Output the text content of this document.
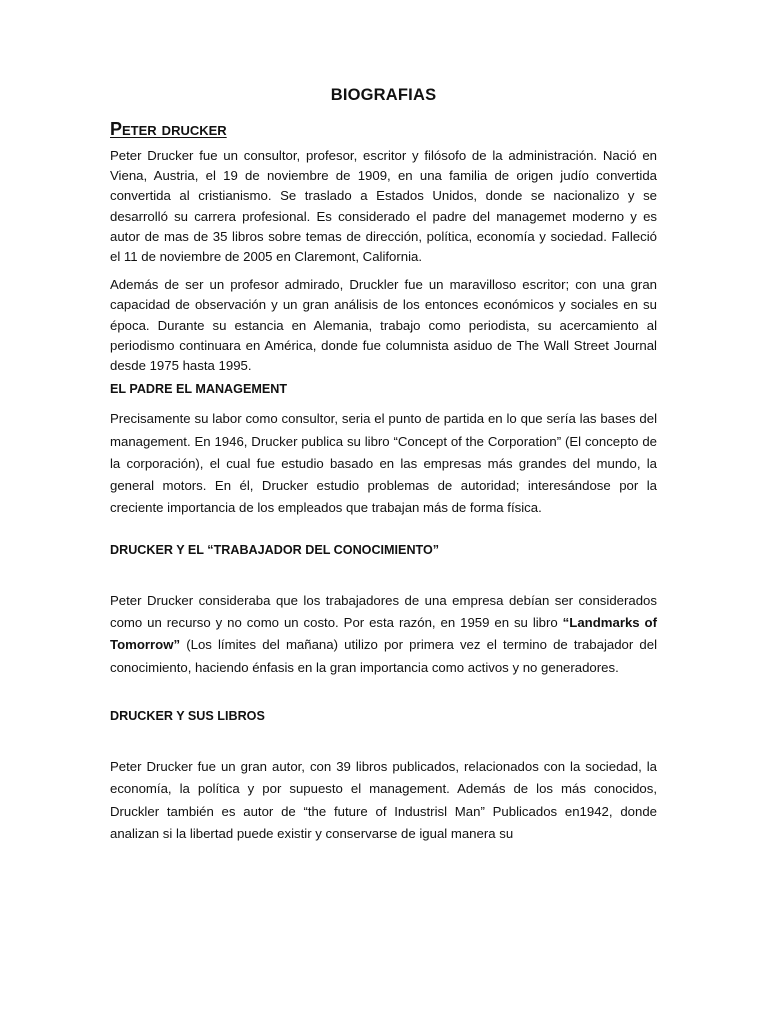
BIOGRAFIAS
Peter drucker

Peter Drucker fue un consultor, profesor, escritor y filósofo de la administración. Nació en Viena, Austria, el 19 de noviembre de 1909, en una familia de origen judío convertida convertida al cristianismo. Se traslado a Estados Unidos, donde se nacionalizo y se desarrolló su carrera profesional. Es considerado el padre del managemet moderno y es autor de mas de 35 libros sobre temas de dirección, política, economía y sociedad. Falleció el 11 de noviembre de 2005 en Claremont, California.

Además de ser un profesor admirado, Druckler fue un maravilloso escritor; con una gran capacidad de observación y un gran análisis de los entonces económicos y sociales en su época. Durante su estancia en Alemania, trabajo como periodista, su acercamiento al periodismo continuara en América, donde fue columnista asiduo de The Wall Street Journal desde 1975 hasta 1995.

EL PADRE EL MANAGEMENT

Precisamente su labor como consultor, seria el punto de partida en lo que sería las bases del management. En 1946, Drucker publica su libro “Concept of the Corporation” (El concepto de la corporación), el cual fue estudio basado en las empresas más grandes del mundo, la general motors. En él, Drucker estudio problemas de autoridad; interesándose por la creciente importancia de los empleados que trabajan más de forma física.

DRUCKER Y EL “TRABAJADOR DEL CONOCIMIENTO”

Peter Drucker consideraba que los trabajadores de una empresa debían ser considerados como un recurso y no como un costo. Por esta razón, en 1959 en su libro “Landmarks of Tomorrow” (Los límites del mañana) utilizo por primera vez el termino de trabajador del conocimiento, haciendo énfasis en la gran importancia como activos y no generadores.

DRUCKER Y SUS LIBROS

Peter Drucker fue un gran autor, con 39 libros publicados, relacionados con la sociedad, la economía, la política y por supuesto el management. Además de los más conocidos, Druckler también es autor de “the future of Industrisl Man” Publicados en1942, donde analizan si la libertad puede existir y conservarse de igual manera su
